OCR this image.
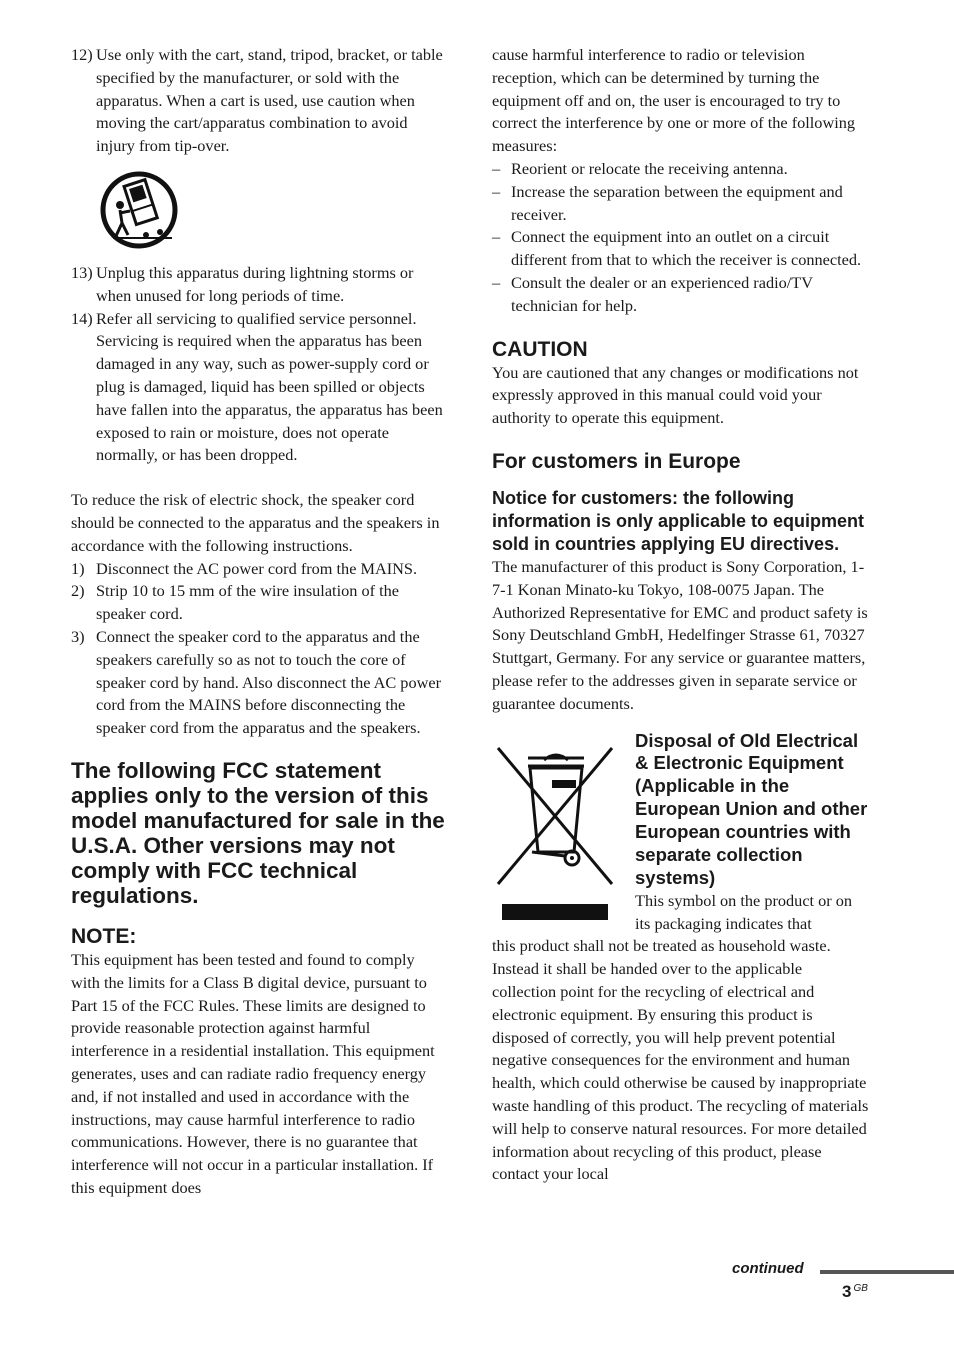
12) Use only with the cart, stand, tripod, bracket, or table specified by the manufacturer, or sold with the apparatus. When a cart is used, use caution when moving the cart/apparatus combination to avoid injury from tip-over.
13) Unplug this apparatus during lightning storms or when unused for long periods of time.
14) Refer all servicing to qualified service personnel. Servicing is required when the apparatus has been damaged in any way, such as power-supply cord or plug is damaged, liquid has been spilled or objects have fallen into the apparatus, the apparatus has been exposed to rain or moisture, does not operate normally, or has been dropped.

To reduce the risk of electric shock, the speaker cord should be connected to the apparatus and the speakers in accordance with the following instructions.

1) Disconnect the AC power cord from the MAINS.
2) Strip 10 to 15 mm of the wire insulation of the speaker cord.
3) Connect the speaker cord to the apparatus and the speakers carefully so as not to touch the core of speaker cord by hand. Also disconnect the AC power cord from the MAINS before disconnecting the speaker cord from the apparatus and the speakers.
The following FCC statement applies only to the version of this model manufactured for sale in the U.S.A. Other versions may not comply with FCC technical regulations.
NOTE:

This equipment has been tested and found to comply with the limits for a Class B digital device, pursuant to Part 15 of the FCC Rules. These limits are designed to provide reasonable protection against harmful interference in a residential installation. This equipment generates, uses and can radiate radio frequency energy and, if not installed and used in accordance with the instructions, may cause harmful interference to radio communications. However, there is no guarantee that interference will not occur in a particular installation. If this equipment does

cause harmful interference to radio or television reception, which can be determined by turning the equipment off and on, the user is encouraged to try to correct the interference by one or more of the following measures:

– Reorient or relocate the receiving antenna.
– Increase the separation between the equipment and receiver.
– Connect the equipment into an outlet on a circuit different from that to which the receiver is connected.
– Consult the dealer or an experienced radio/TV technician for help.
CAUTION

You are cautioned that any changes or modifications not expressly approved in this manual could void your authority to operate this equipment.

For customers in Europe
Notice for customers: the following information is only applicable to equipment sold in countries applying EU directives.

The manufacturer of this product is Sony Corporation, 1-7-1 Konan Minato-ku Tokyo, 108-0075 Japan. The Authorized Representative for EMC and product safety is Sony Deutschland GmbH, Hedelfinger Strasse 61, 70327 Stuttgart, Germany. For any service or guarantee matters, please refer to the addresses given in separate service or guarantee documents.

Disposal of Old Electrical & Electronic Equipment (Applicable in the European Union and other European countries with separate collection systems)

This symbol on the product or on its packaging indicates that

this product shall not be treated as household waste. Instead it shall be handed over to the applicable collection point for the recycling of electrical and electronic equipment. By ensuring this product is disposed of correctly, you will help prevent potential negative consequences for the environment and human health, which could otherwise be caused by inappropriate waste handling of this product. The recycling of materials will help to conserve natural resources. For more detailed information about recycling of this product, please contact your local

continued
3 $^{GB}$
